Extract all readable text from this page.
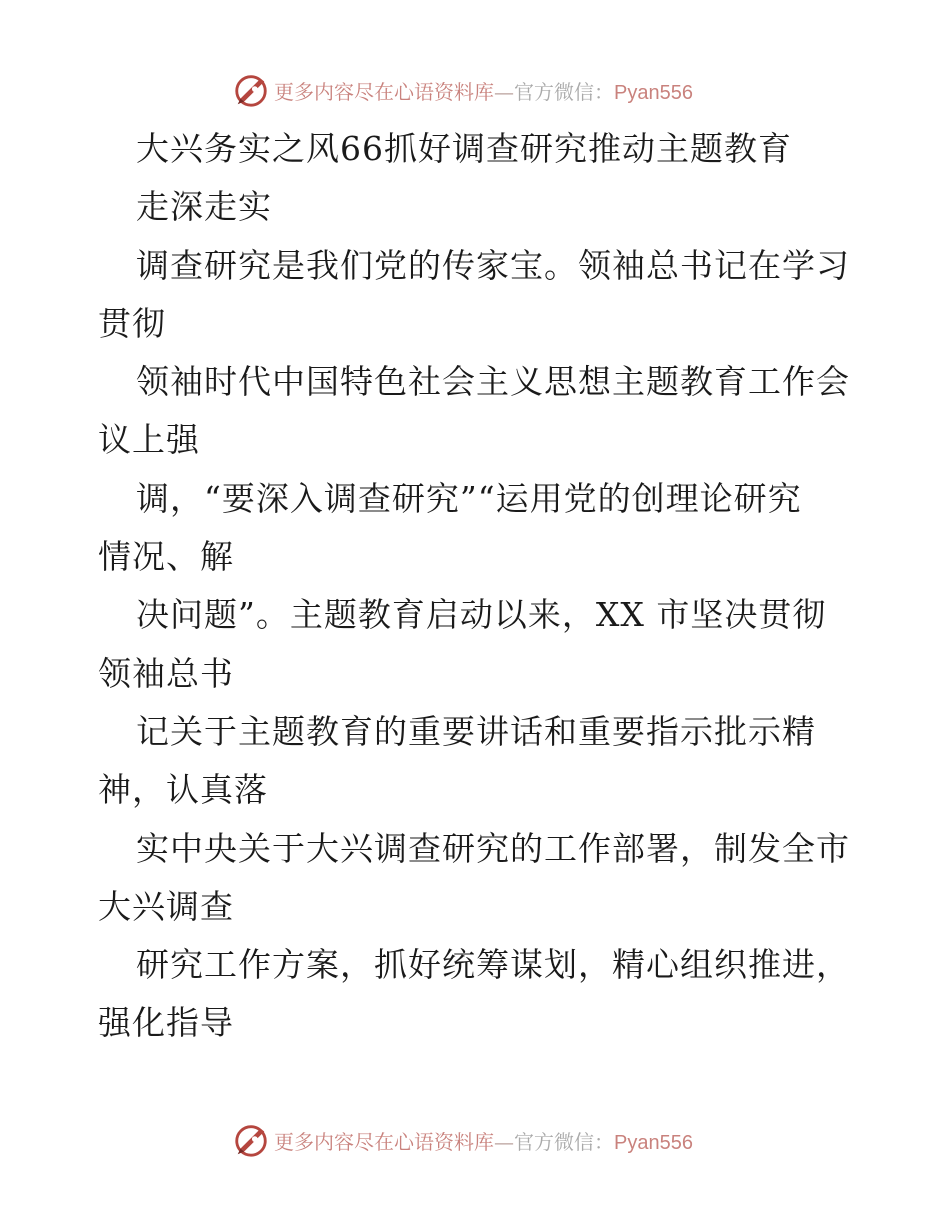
更多内容尽在心语资料库—官方微信：Pyan556
大兴务实之风66抓好调查研究推动主题教育
走深走实
调查研究是我们党的传家宝。领袖总书记在学习
贯彻
领袖时代中国特色社会主义思想主题教育工作会
议上强
调，“要深入调查研究”“运用党的创理论研究
情况、解
决问题”。主题教育启动以来，XX 市坚决贯彻
领袖总书
记关于主题教育的重要讲话和重要指示批示精
神，认真落
实中央关于大兴调查研究的工作部署，制发全市
大兴调查
研究工作方案，抓好统筹谋划，精心组织推进，
强化指导
更多内容尽在心语资料库—官方微信：Pyan556
